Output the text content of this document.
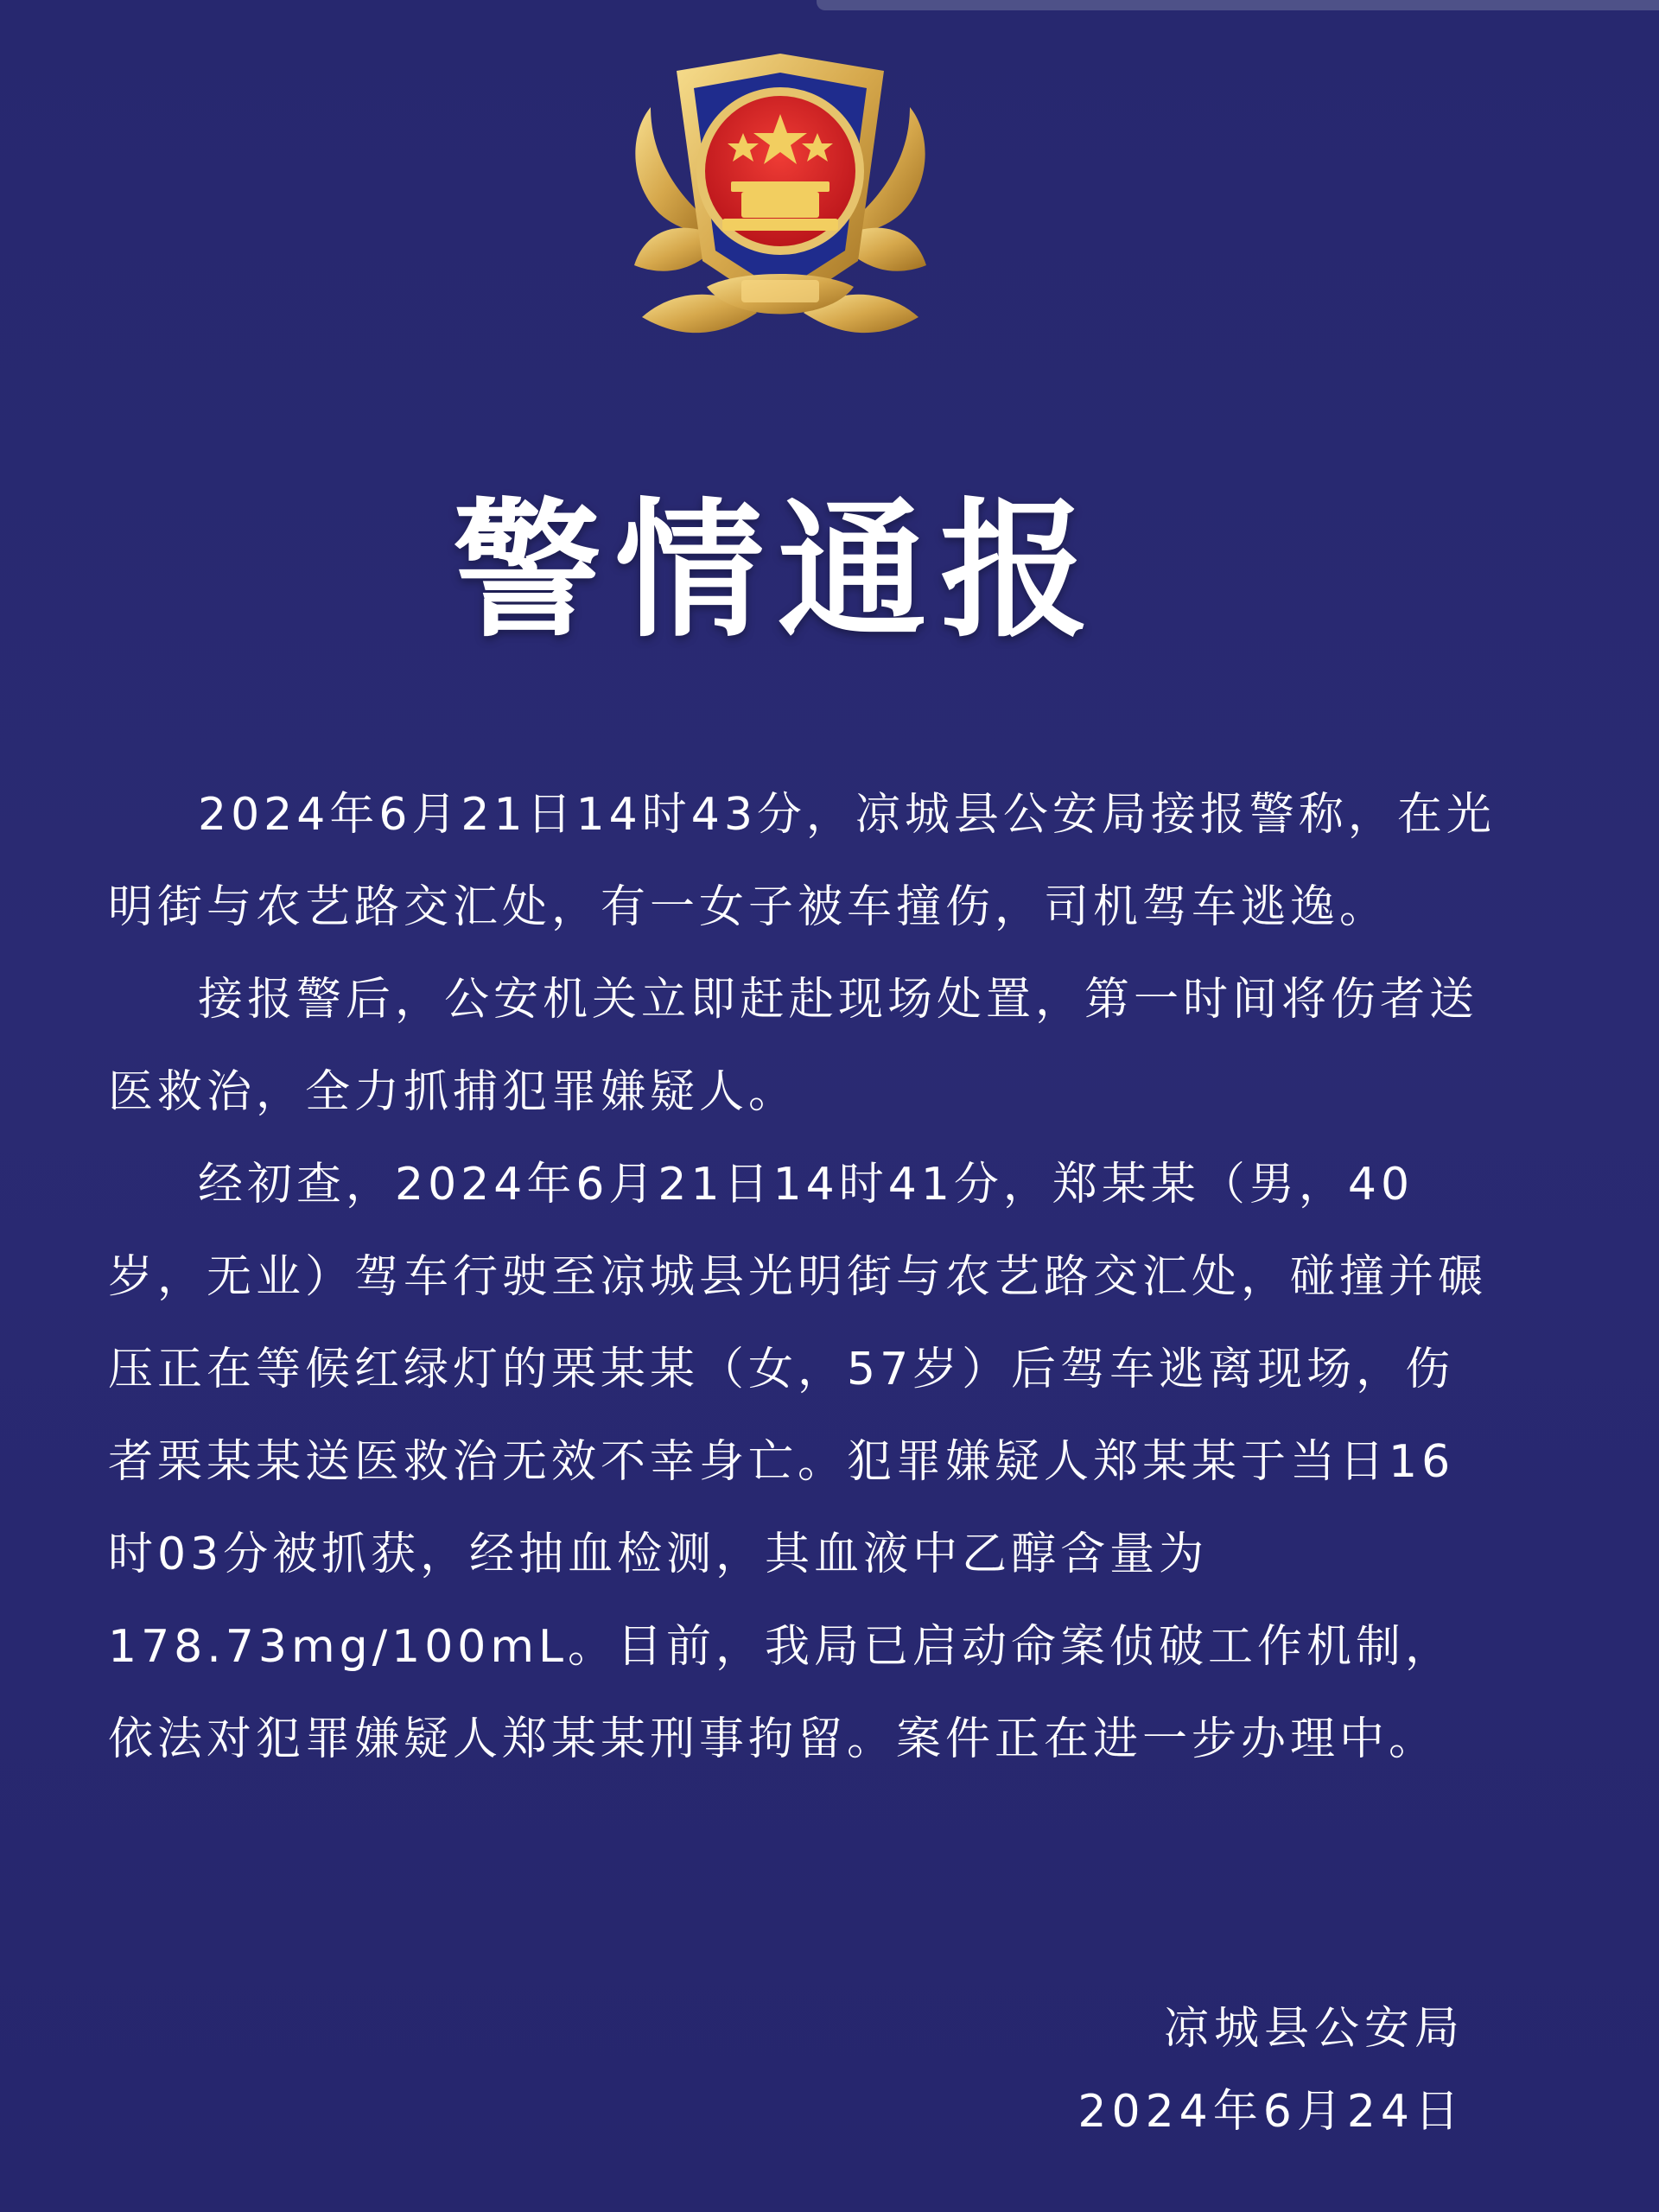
警情通报

2024年6月21日14时43分，凉城县公安局接报警称，在光明街与农艺路交汇处，有一女子被车撞伤，司机驾车逃逸。

接报警后，公安机关立即赶赴现场处置，第一时间将伤者送医救治，全力抓捕犯罪嫌疑人。

经初查，2024年6月21日14时41分，郑某某（男，40岁，无业）驾车行驶至凉城县光明街与农艺路交汇处，碰撞并碾压正在等候红绿灯的栗某某（女，57岁）后驾车逃离现场，伤者栗某某送医救治无效不幸身亡。犯罪嫌疑人郑某某于当日16时03分被抓获，经抽血检测，其血液中乙醇含量为178.73mg/100mL。目前，我局已启动命案侦破工作机制，依法对犯罪嫌疑人郑某某刑事拘留。案件正在进一步办理中。

凉城县公安局
2024年6月24日
